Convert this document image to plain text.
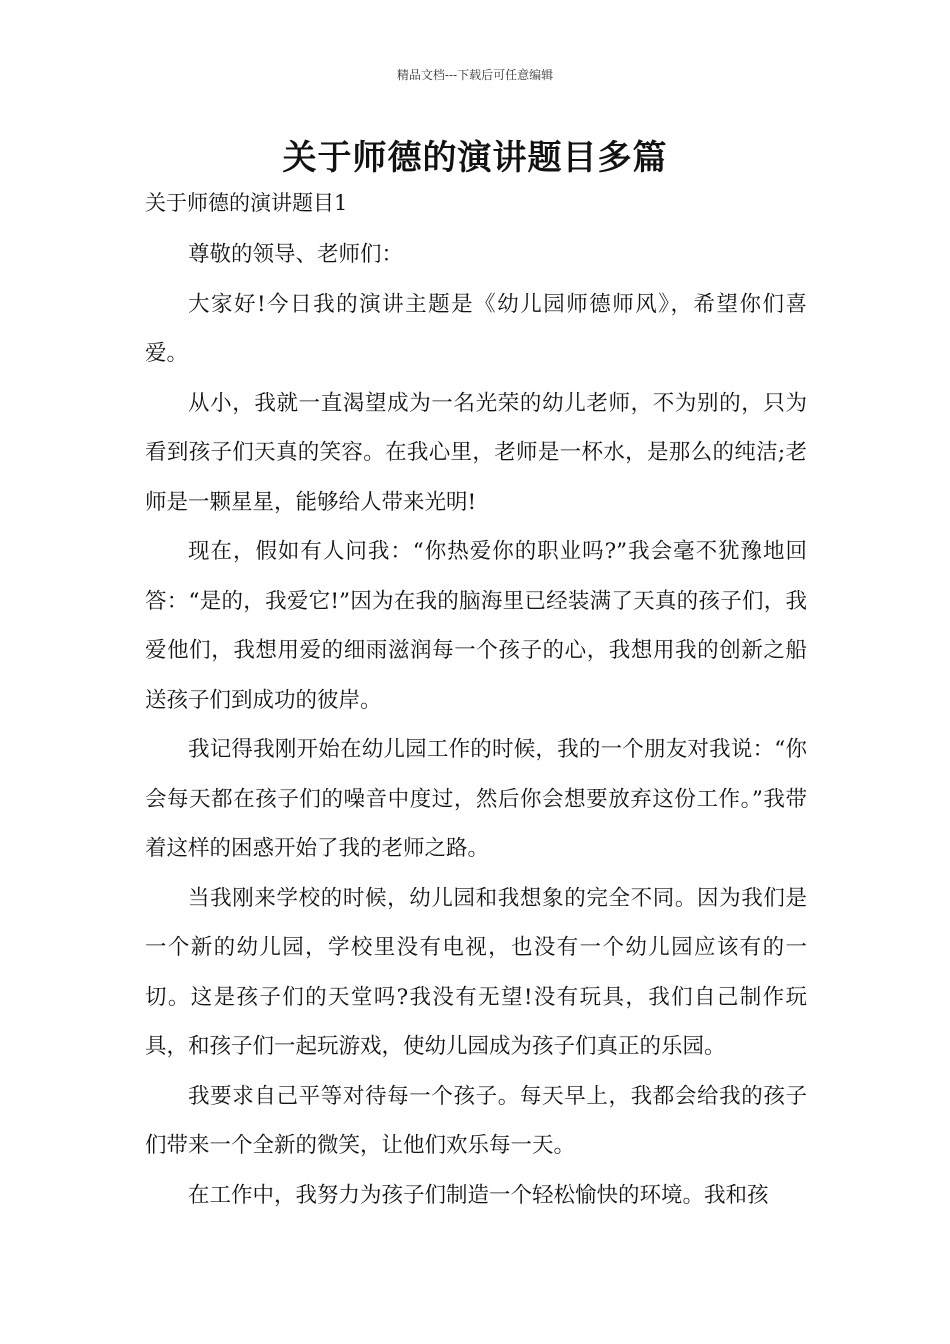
精品文档---下载后可任意编辑
关于师德的演讲题目多篇
关于师德的演讲题目1

尊敬的领导、老师们：

大家好!今日我的演讲主题是《幼儿园师德师风》，希望你们喜爱。

从小，我就一直渴望成为一名光荣的幼儿老师，不为别的，只为看到孩子们天真的笑容。在我心里，老师是一杯水，是那么的纯洁;老师是一颗星星，能够给人带来光明!

现在，假如有人问我：“你热爱你的职业吗?”我会毫不犹豫地回答：“是的，我爱它!”因为在我的脑海里已经装满了天真的孩子们，我爱他们，我想用爱的细雨滋润每一个孩子的心，我想用我的创新之船送孩子们到成功的彼岸。

我记得我刚开始在幼儿园工作的时候，我的一个朋友对我说：“你会每天都在孩子们的噪音中度过，然后你会想要放弃这份工作。”我带着这样的困惑开始了我的老师之路。

当我刚来学校的时候，幼儿园和我想象的完全不同。因为我们是一个新的幼儿园，学校里没有电视，也没有一个幼儿园应该有的一切。这是孩子们的天堂吗?我没有无望!没有玩具，我们自己制作玩具，和孩子们一起玩游戏，使幼儿园成为孩子们真正的乐园。

我要求自己平等对待每一个孩子。每天早上，我都会给我的孩子们带来一个全新的微笑，让他们欢乐每一天。

在工作中，我努力为孩子们制造一个轻松愉快的环境。我和孩
